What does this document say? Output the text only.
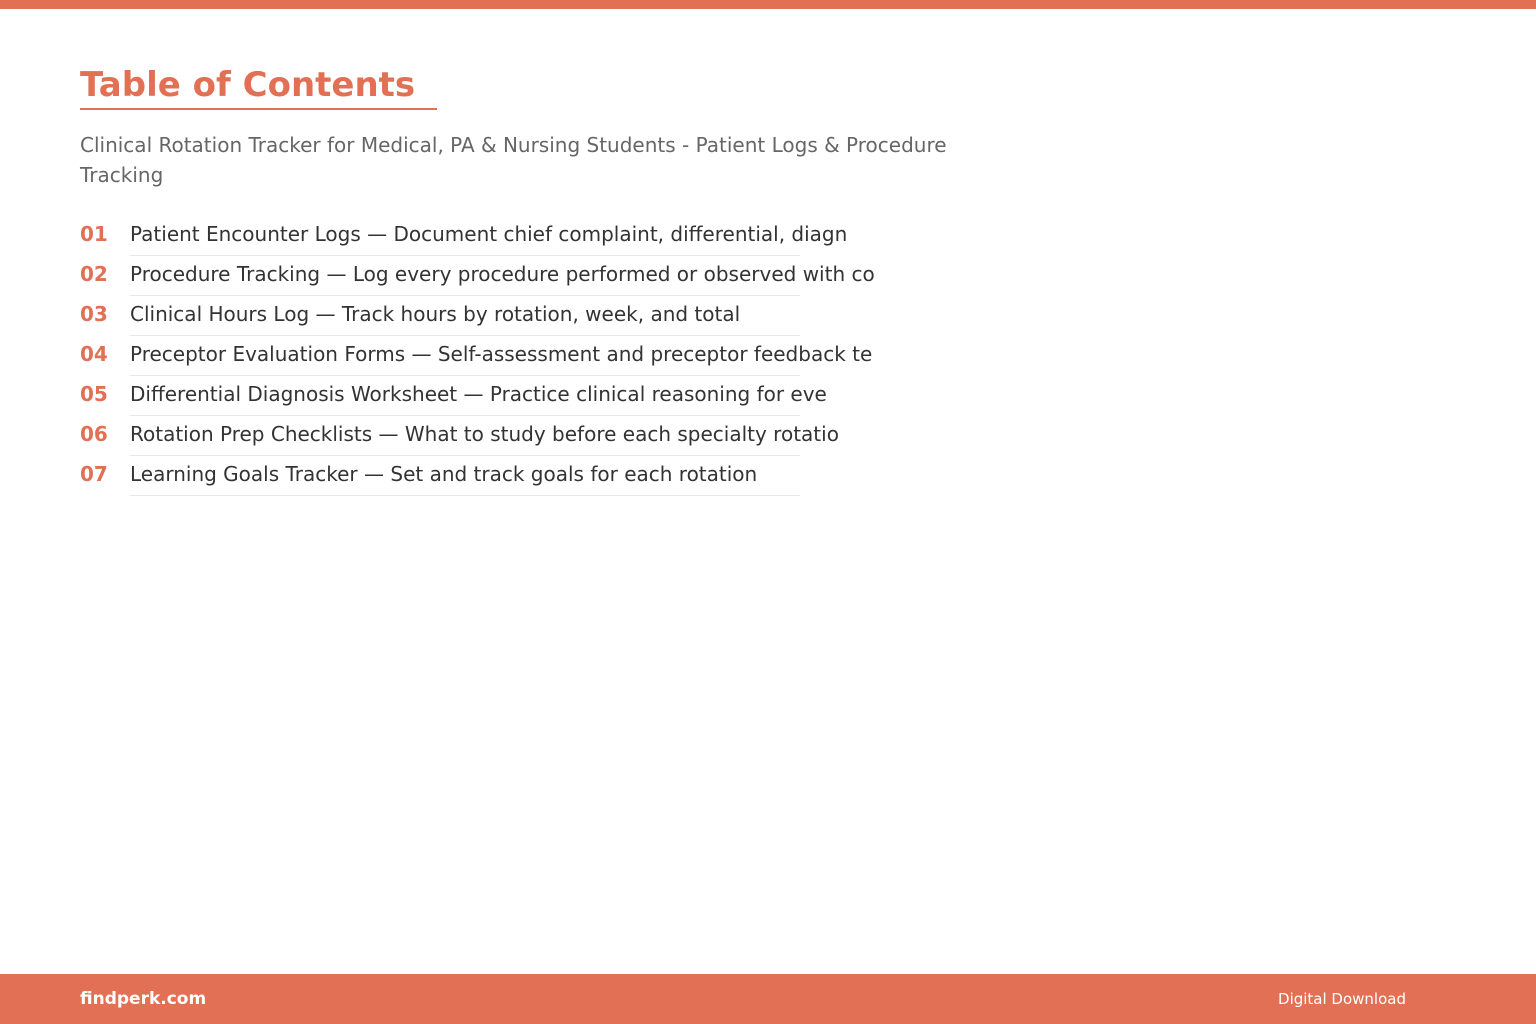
Table of Contents
Clinical Rotation Tracker for Medical, PA & Nursing Students - Patient Logs & Procedure Tracking
01	Patient Encounter Logs — Document chief complaint, differential, diagn
02	Procedure Tracking — Log every procedure performed or observed with co
03	Clinical Hours Log — Track hours by rotation, week, and total
04	Preceptor Evaluation Forms — Self-assessment and preceptor feedback te
05	Differential Diagnosis Worksheet — Practice clinical reasoning for eve
06	Rotation Prep Checklists — What to study before each specialty rotatio
07	Learning Goals Tracker — Set and track goals for each rotation
findperk.com	Digital Download
